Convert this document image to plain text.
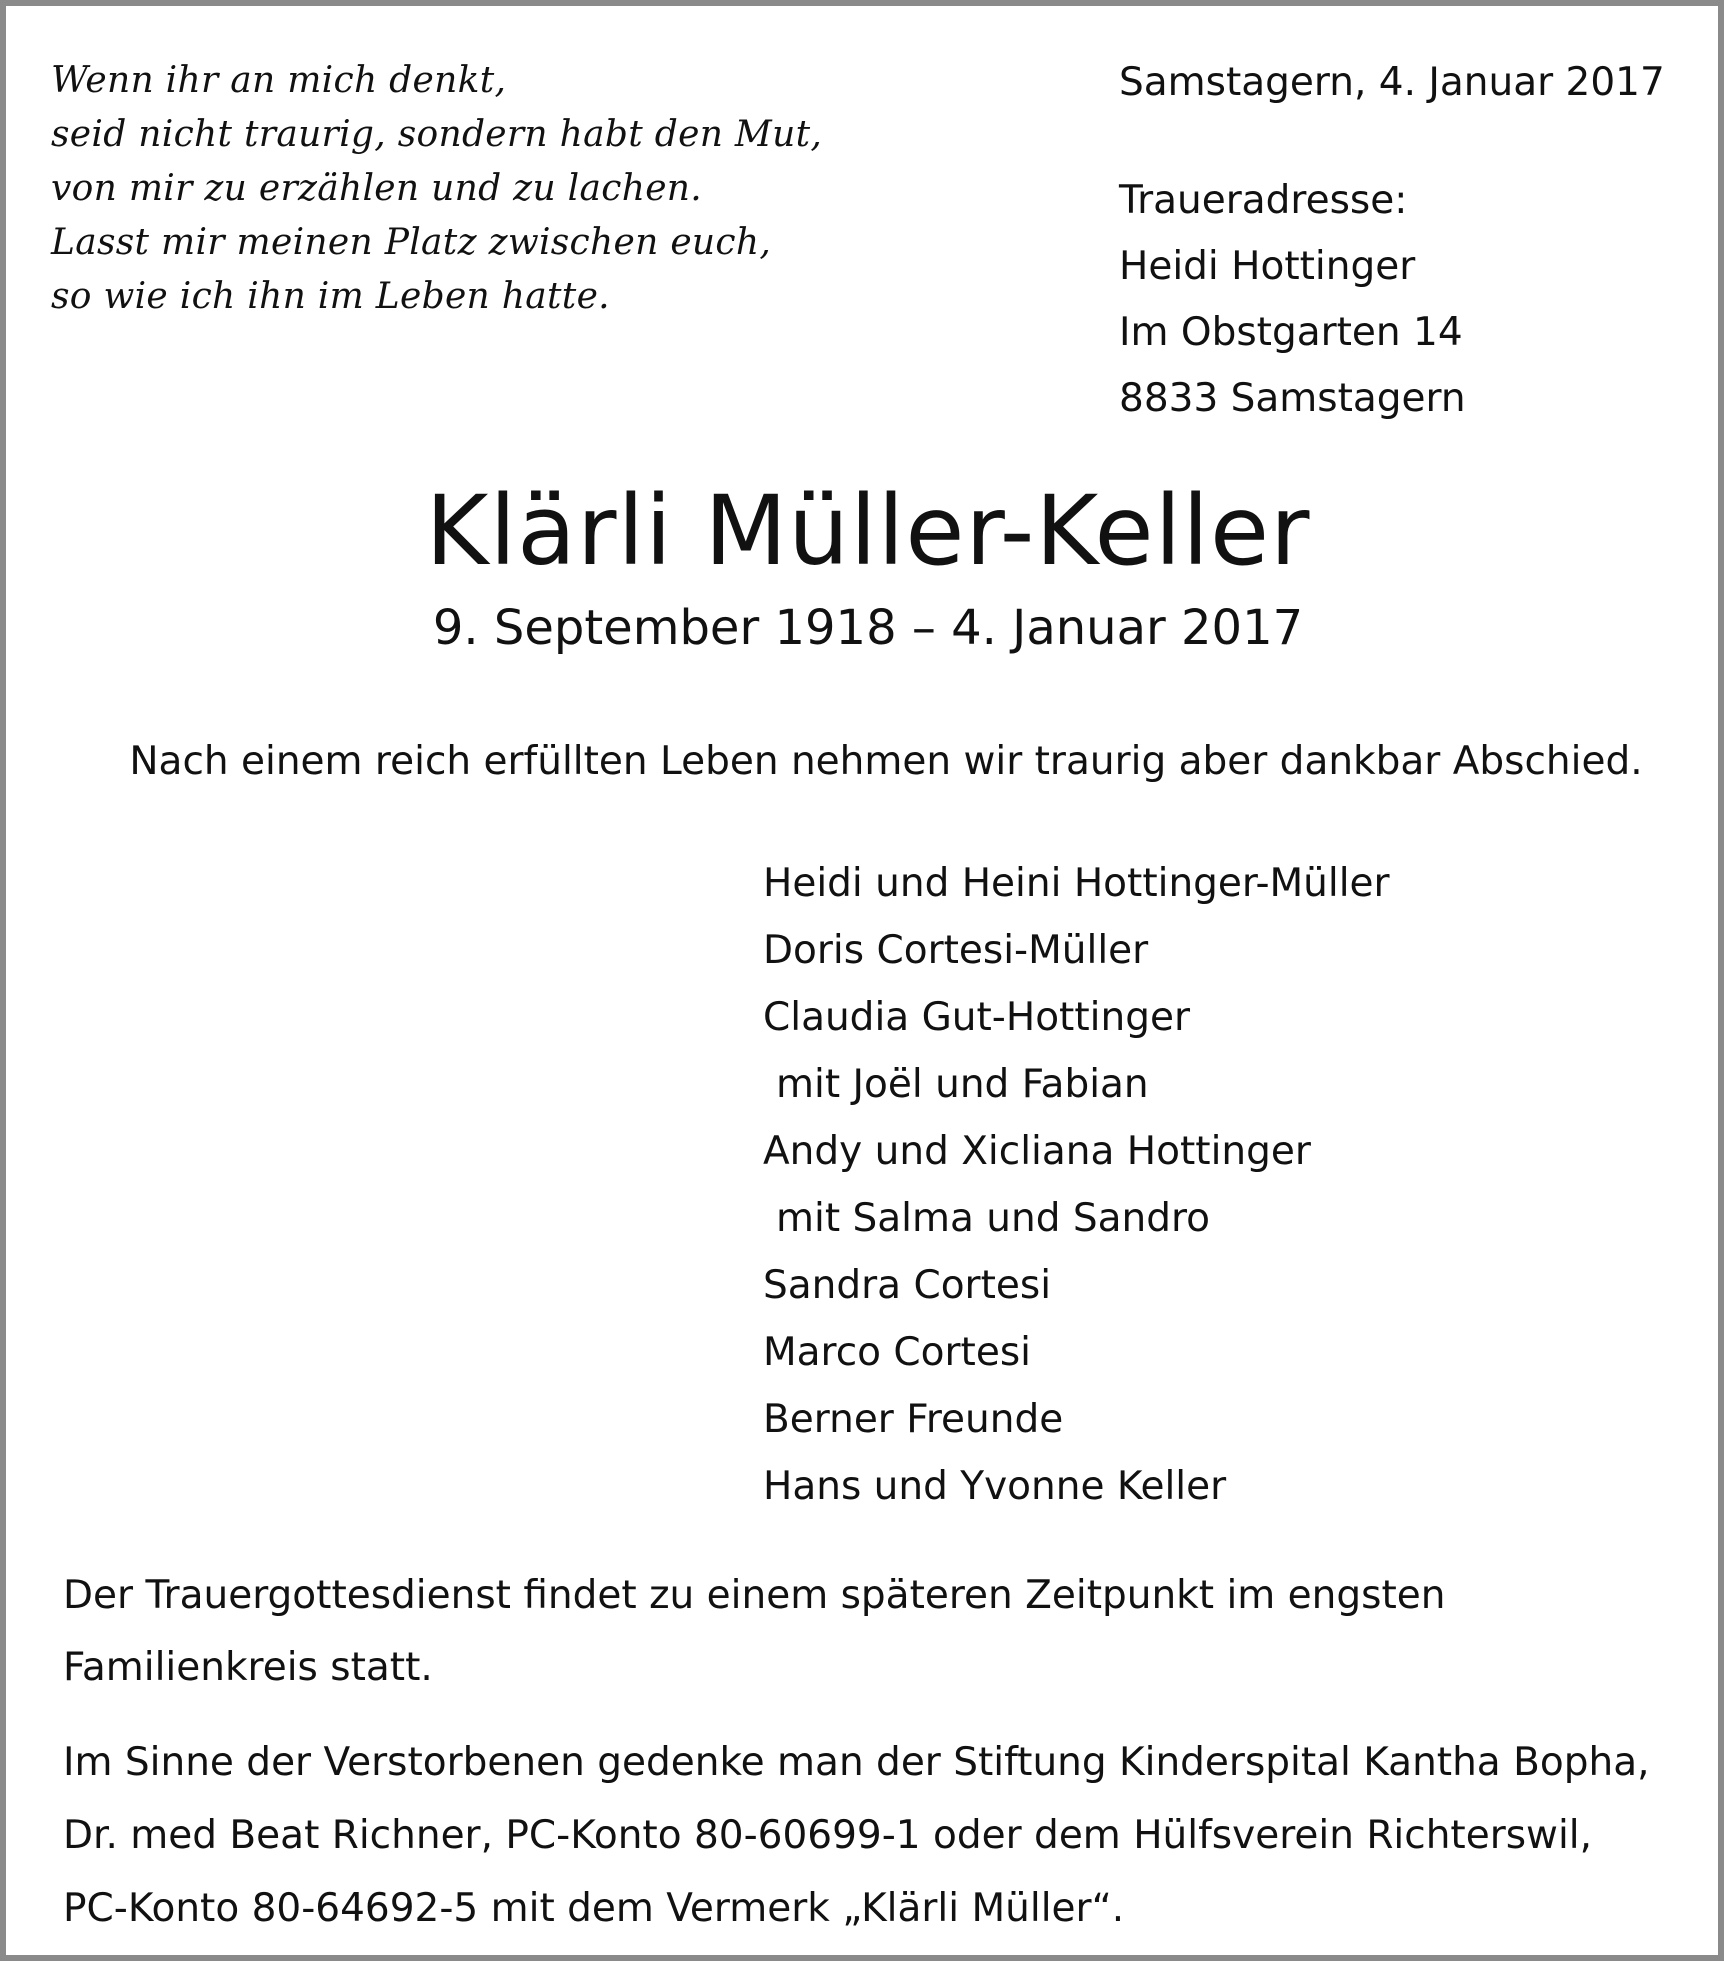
Wenn ihr an mich denkt,
seid nicht traurig, sondern habt den Mut,
von mir zu erzählen und zu lachen.
Lasst mir meinen Platz zwischen euch,
so wie ich ihn im Leben hatte.
Samstagern, 4. Januar 2017
Traueradresse:
Heidi Hottinger
Im Obstgarten 14
8833 Samstagern
Klärli Müller-Keller
9. September 1918 – 4. Januar 2017
Nach einem reich erfüllten Leben nehmen wir traurig aber dankbar Abschied.
Heidi und Heini Hottinger-Müller
Doris Cortesi-Müller
Claudia Gut-Hottinger
mit Joël und Fabian
Andy und Xicliana Hottinger
mit Salma und Sandro
Sandra Cortesi
Marco Cortesi
Berner Freunde
Hans und Yvonne Keller
Der Trauergottesdienst findet zu einem späteren Zeitpunkt im engsten Familienkreis statt.
Im Sinne der Verstorbenen gedenke man der Stiftung Kinderspital Kantha Bopha,
Dr. med Beat Richner, PC-Konto 80-60699-1 oder dem Hülfsverein Richterswil,
PC-Konto 80-64692-5 mit dem Vermerk „Klärli Müller“.
